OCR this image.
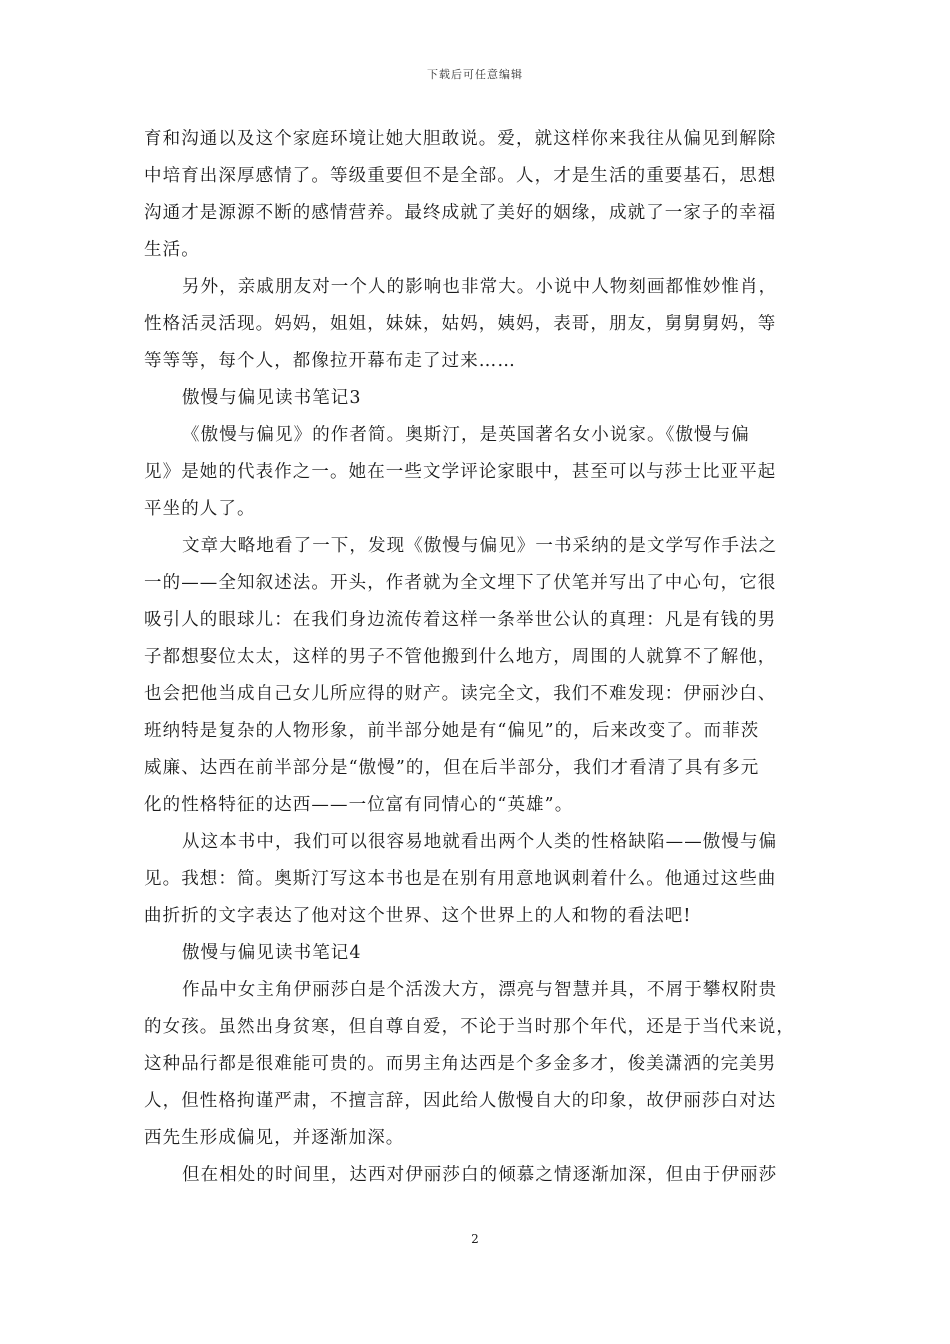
下载后可任意编辑
育和沟通以及这个家庭环境让她大胆敢说。爱，就这样你来我往从偏见到解除
中培育出深厚感情了。等级重要但不是全部。人，才是生活的重要基石，思想
沟通才是源源不断的感情营养。最终成就了美好的姻缘，成就了一家子的幸福
生活。
另外，亲戚朋友对一个人的影响也非常大。小说中人物刻画都惟妙惟肖，
性格活灵活现。妈妈，姐姐，妹妹，姑妈，姨妈，表哥，朋友，舅舅舅妈，等
等等等，每个人，都像拉开幕布走了过来……
傲慢与偏见读书笔记3
《傲慢与偏见》的作者简。奥斯汀，是英国著名女小说家。《傲慢与偏
见》是她的代表作之一。她在一些文学评论家眼中，甚至可以与莎士比亚平起
平坐的人了。
文章大略地看了一下，发现《傲慢与偏见》一书采纳的是文学写作手法之
一的——全知叙述法。开头，作者就为全文埋下了伏笔并写出了中心句，它很
吸引人的眼球儿：在我们身边流传着这样一条举世公认的真理：凡是有钱的男
子都想娶位太太，这样的男子不管他搬到什么地方，周围的人就算不了解他，
也会把他当成自己女儿所应得的财产。读完全文，我们不难发现：伊丽沙白、
班纳特是复杂的人物形象，前半部分她是有“偏见”的，后来改变了。而菲茨
威廉、达西在前半部分是“傲慢”的，但在后半部分，我们才看清了具有多元
化的性格特征的达西——一位富有同情心的“英雄”。
从这本书中，我们可以很容易地就看出两个人类的性格缺陷——傲慢与偏
见。我想：简。奥斯汀写这本书也是在别有用意地讽刺着什么。他通过这些曲
曲折折的文字表达了他对这个世界、这个世界上的人和物的看法吧!
傲慢与偏见读书笔记4
作品中女主角伊丽莎白是个活泼大方，漂亮与智慧并具，不屑于攀权附贵
的女孩。虽然出身贫寒，但自尊自爱，不论于当时那个年代，还是于当代来说，
这种品行都是很难能可贵的。而男主角达西是个多金多才，俊美潇洒的完美男
人，但性格拘谨严肃，不擅言辞，因此给人傲慢自大的印象，故伊丽莎白对达
西先生形成偏见，并逐渐加深。
但在相处的时间里，达西对伊丽莎白的倾慕之情逐渐加深，但由于伊丽莎
2
